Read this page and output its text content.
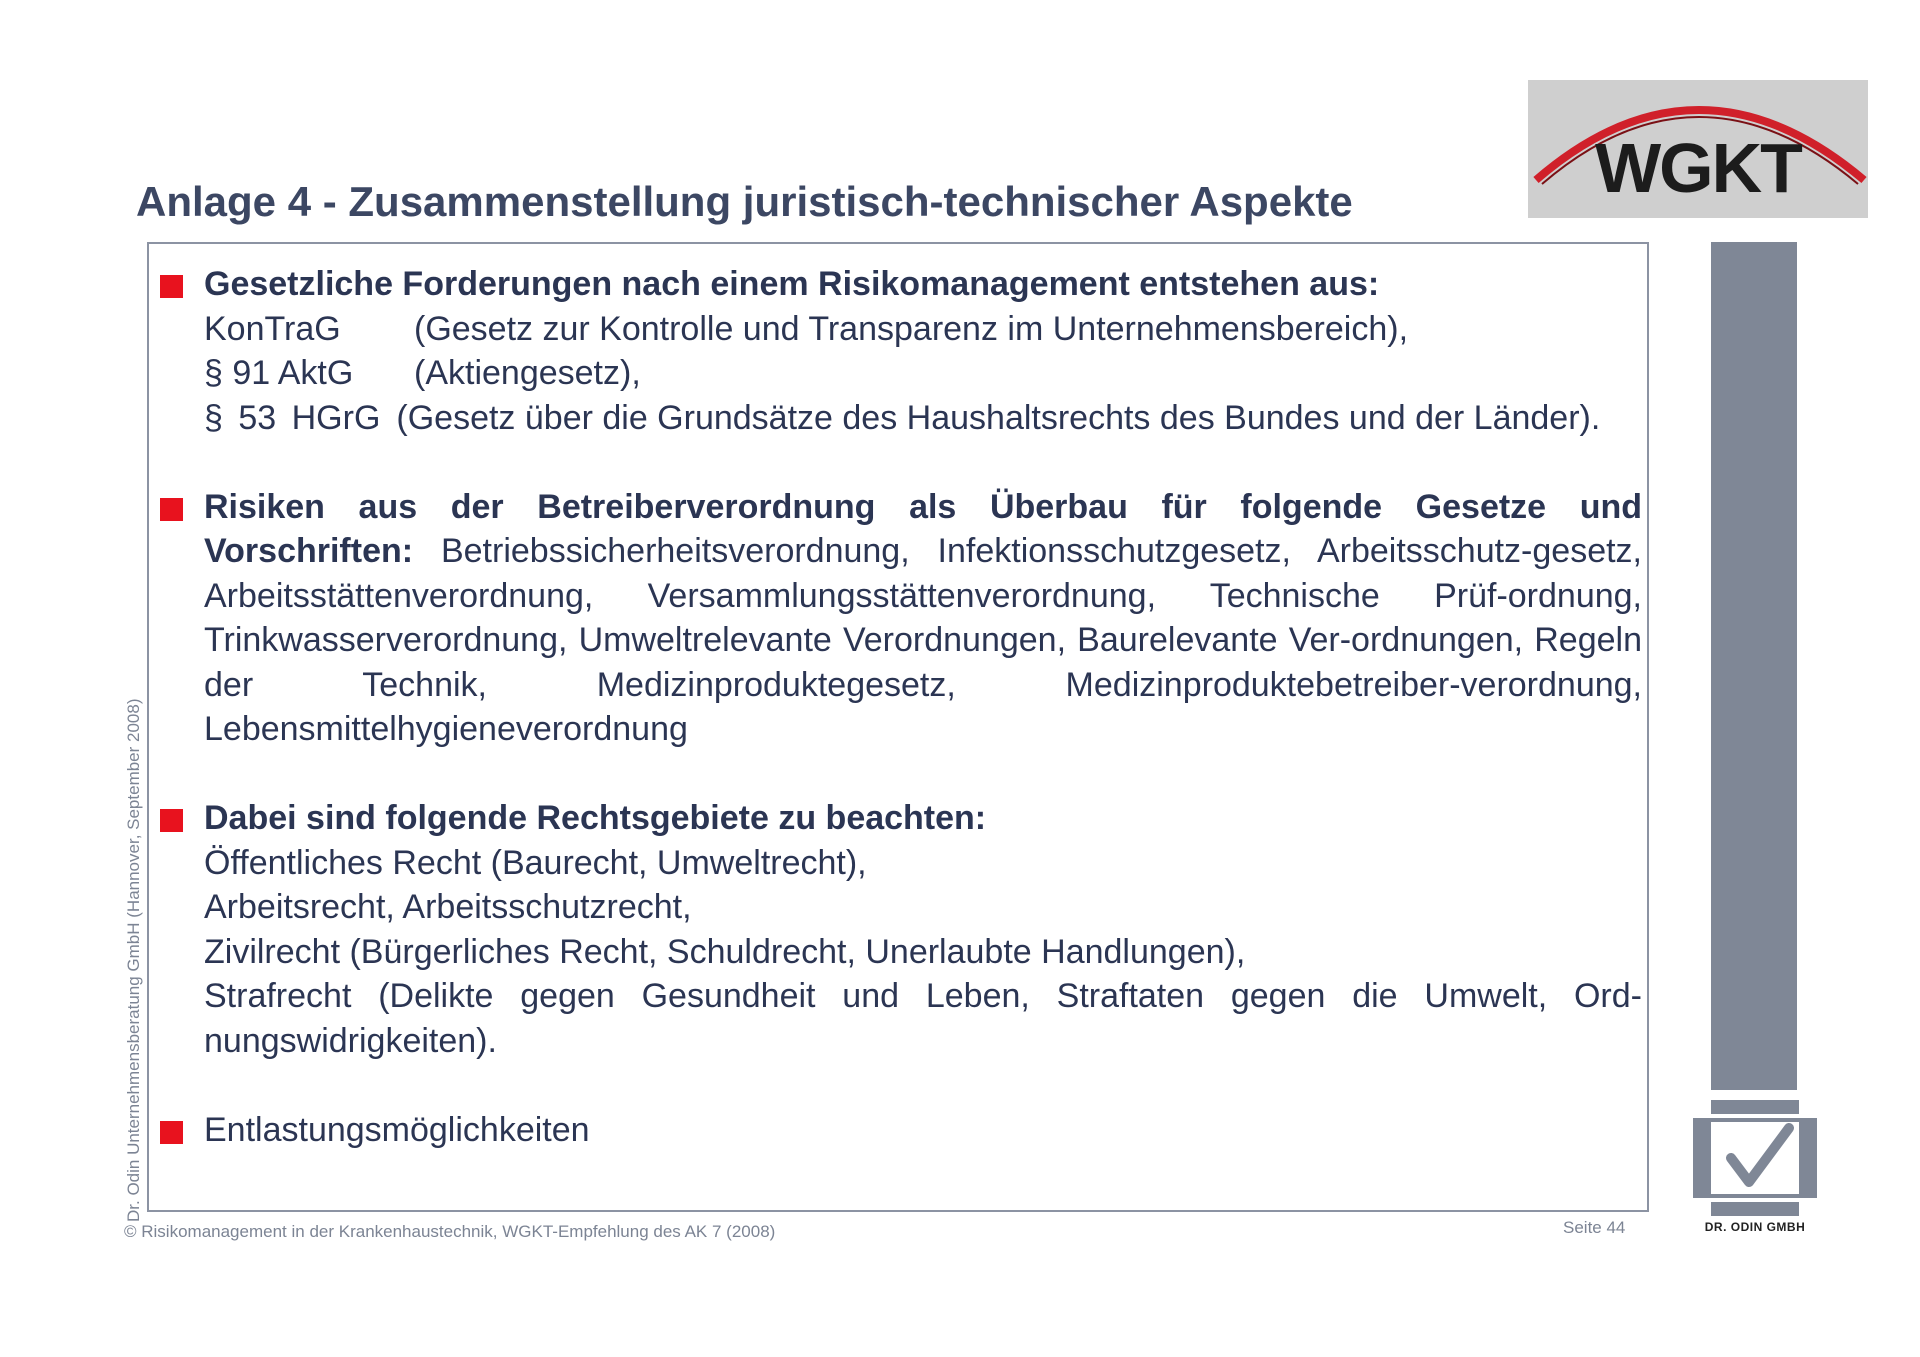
Anlage 4 - Zusammenstellung juristisch-technischer Aspekte	WGKT
DR. ODIN GMBH
Gesetzliche Forderungen nach einem Risikomanagement entstehen aus:
KonTraG	(Gesetz zur Kontrolle und Transparenz im Unternehmensbereich),
§ 91 AktG	(Aktiengesetz),
§ 53 HGrG (Gesetz über die Grundsätze des Haushaltsrechts des Bundes und der Länder).
Risiken aus der Betreiberverordnung als Überbau für folgende Gesetze und Vorschriften: Betriebssicherheitsverordnung, Infektionsschutzgesetz, Arbeitsschutz-gesetz, Arbeitsstättenverordnung, Versammlungsstättenverordnung, Technische Prüf-ordnung, Trinkwasserverordnung, Umweltrelevante Verordnungen, Baurelevante Ver-ordnungen, Regeln der Technik, Medizinproduktegesetz, Medizinproduktebetreiber-verordnung, Lebensmittelhygieneverordnung
Dabei sind folgende Rechtsgebiete zu beachten:
Öffentliches Recht (Baurecht, Umweltrecht),
Arbeitsrecht, Arbeitsschutzrecht,
Zivilrecht (Bürgerliches Recht, Schuldrecht, Unerlaubte Handlungen),
Strafrecht (Delikte gegen Gesundheit und Leben, Straftaten gegen die Umwelt, Ord-nungswidrigkeiten).
Entlastungsmöglichkeiten
Dr. Odin Unternehmensberatung GmbH (Hannover, September 2008)
© Risikomanagement in der Krankenhaustechnik, WGKT-Empfehlung des AK 7 (2008)	Seite 44
